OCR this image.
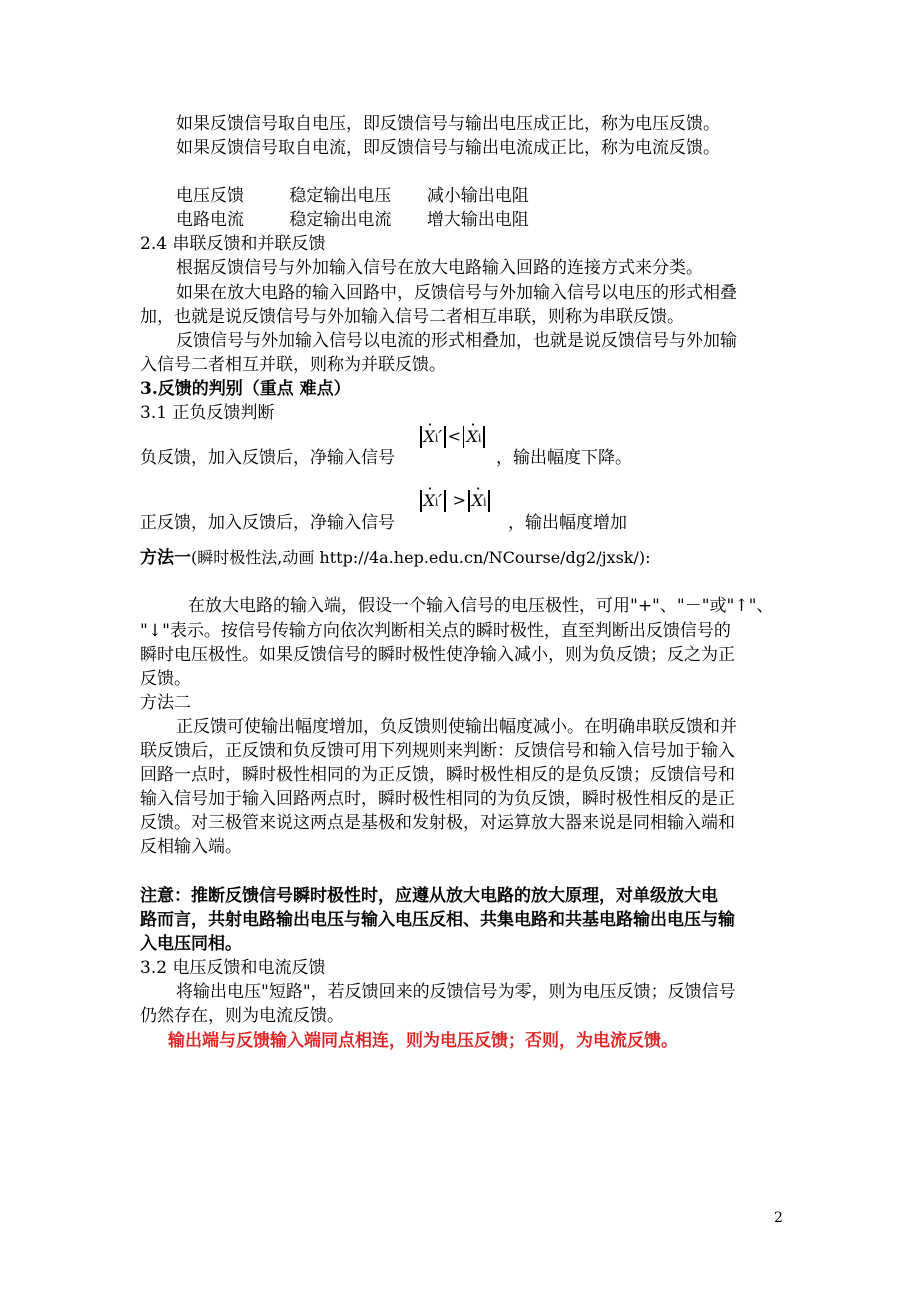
如果反馈信号取自电压，即反馈信号与输出电压成正比，称为电压反馈。
如果反馈信号取自电流，即反馈信号与输出电流成正比，称为电流反馈。
电压反馈	稳定输出电压 减小输出电阻
电路电流	稳定输出电流 增大输出电阻
2.4 串联反馈和并联反馈
根据反馈信号与外加输入信号在放大电路输入回路的连接方式来分类。
如果在放大电路的输入回路中，反馈信号与外加输入信号以电压的形式相叠
加，也就是说反馈信号与外加输入信号二者相互串联，则称为串联反馈。
反馈信号与外加输入信号以电流的形式相叠加，也就是说反馈信号与外加输
入信号二者相互并联，则称为并联反馈。
3.反馈的判别（重点 难点）
3.1 正负反馈判断
负反馈，加入反馈后，净输入信号
· Xi′ < · Xi
，输出幅度下降。
正反馈，加入反馈后，净输入信号
· Xi′ > · Xi
，输出幅度增加
方法一(瞬时极性法,动画 http://4a.hep.edu.cn/NCourse/dg2/jxsk/):
在放大电路的输入端，假设一个输入信号的电压极性，可用"+"、"－"或"↑"、
"↓"表示。按信号传输方向依次判断相关点的瞬时极性，直至判断出反馈信号的
瞬时电压极性。如果反馈信号的瞬时极性使净输入减小，则为负反馈；反之为正
反馈。
方法二
正反馈可使输出幅度增加，负反馈则使输出幅度减小。在明确串联反馈和并
联反馈后，正反馈和负反馈可用下列规则来判断：反馈信号和输入信号加于输入
回路一点时，瞬时极性相同的为正反馈，瞬时极性相反的是负反馈；反馈信号和
输入信号加于输入回路两点时，瞬时极性相同的为负反馈，瞬时极性相反的是正
反馈。对三极管来说这两点是基极和发射极，对运算放大器来说是同相输入端和
反相输入端。
注意：推断反馈信号瞬时极性时，应遵从放大电路的放大原理，对单级放大电
路而言，共射电路输出电压与输入电压反相、共集电路和共基电路输出电压与输
入电压同相。
3.2 电压反馈和电流反馈
将输出电压"短路"，若反馈回来的反馈信号为零，则为电压反馈；反馈信号
仍然存在，则为电流反馈。
输出端与反馈输入端同点相连，则为电压反馈；否则，为电流反馈。
2
